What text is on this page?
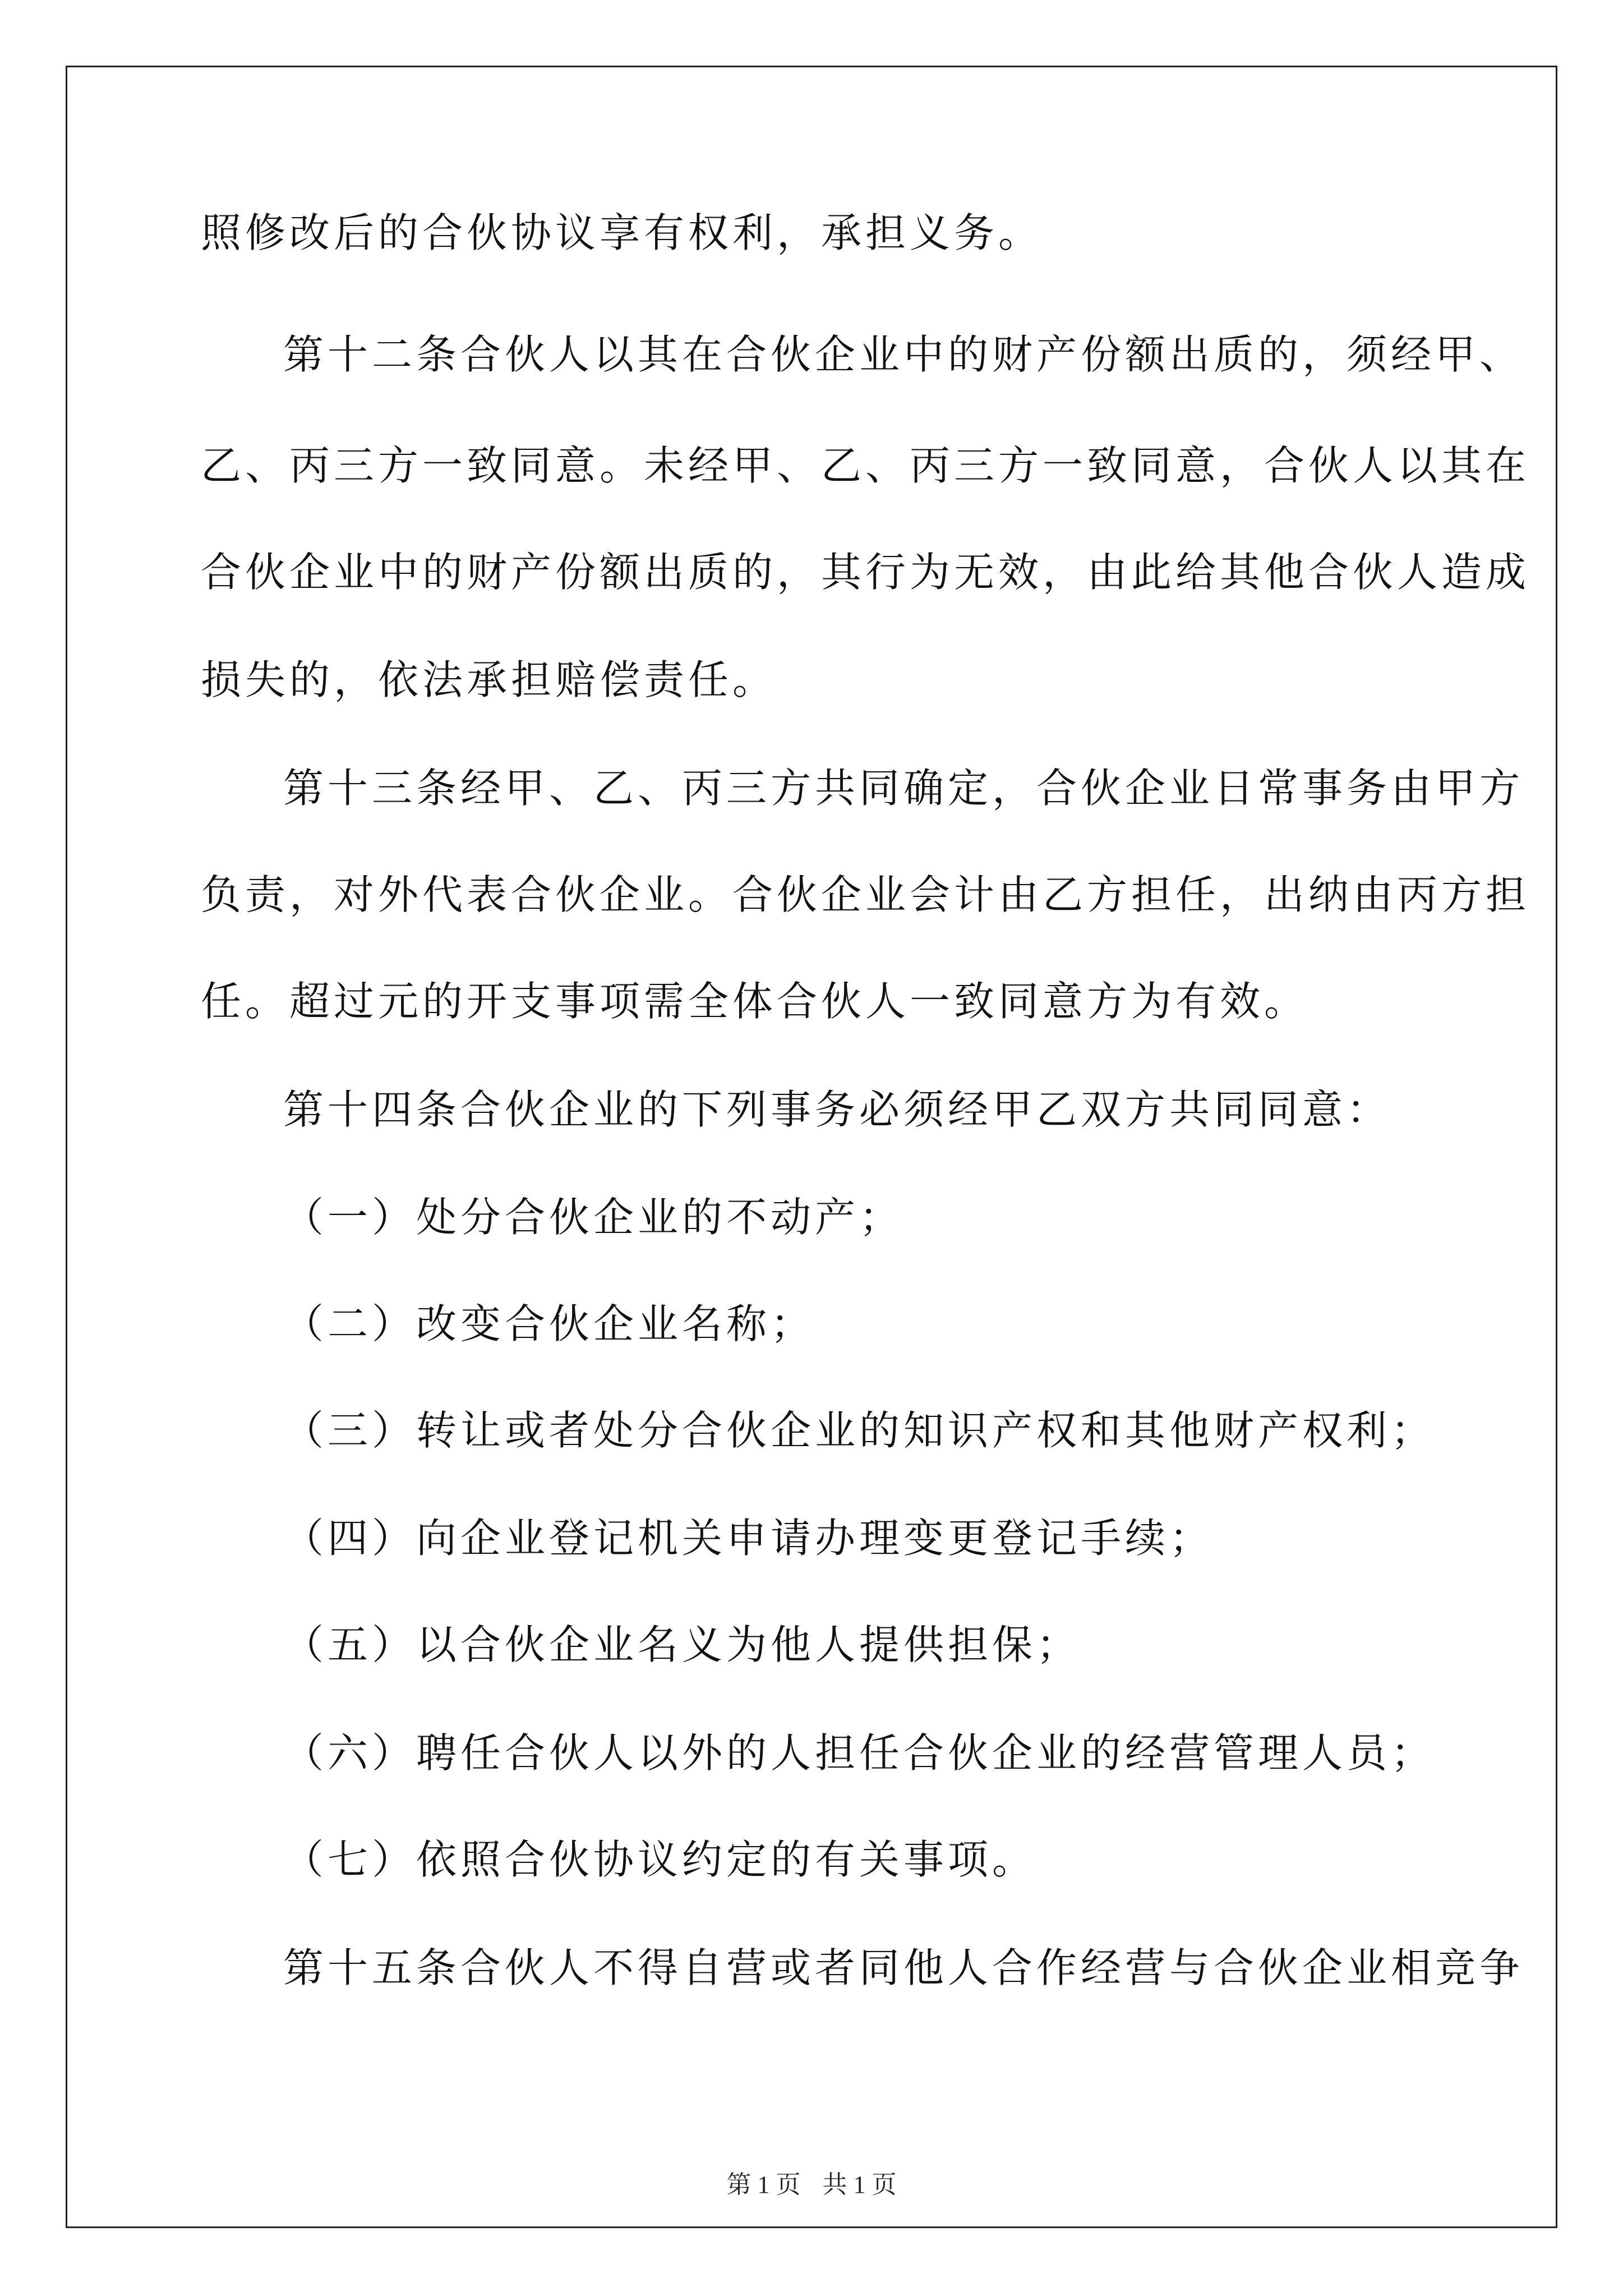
照修改后的合伙协议享有权利，承担义务。
第十二条合伙人以其在合伙企业中的财产份额出质的，须经甲、
乙、丙三方一致同意。未经甲、乙、丙三方一致同意，合伙人以其在
合伙企业中的财产份额出质的，其行为无效，由此给其他合伙人造成
损失的，依法承担赔偿责任。
第十三条经甲、乙、丙三方共同确定，合伙企业日常事务由甲方
负责，对外代表合伙企业。合伙企业会计由乙方担任，出纳由丙方担
任。超过元的开支事项需全体合伙人一致同意方为有效。
第十四条合伙企业的下列事务必须经甲乙双方共同同意：
（一）处分合伙企业的不动产；
（二）改变合伙企业名称；
（三）转让或者处分合伙企业的知识产权和其他财产权利；
（四）向企业登记机关申请办理变更登记手续；
（五）以合伙企业名义为他人提供担保；
（六）聘任合伙人以外的人担任合伙企业的经营管理人员；
（七）依照合伙协议约定的有关事项。
第十五条合伙人不得自营或者同他人合作经营与合伙企业相竞争
第 1 页 共 1 页
